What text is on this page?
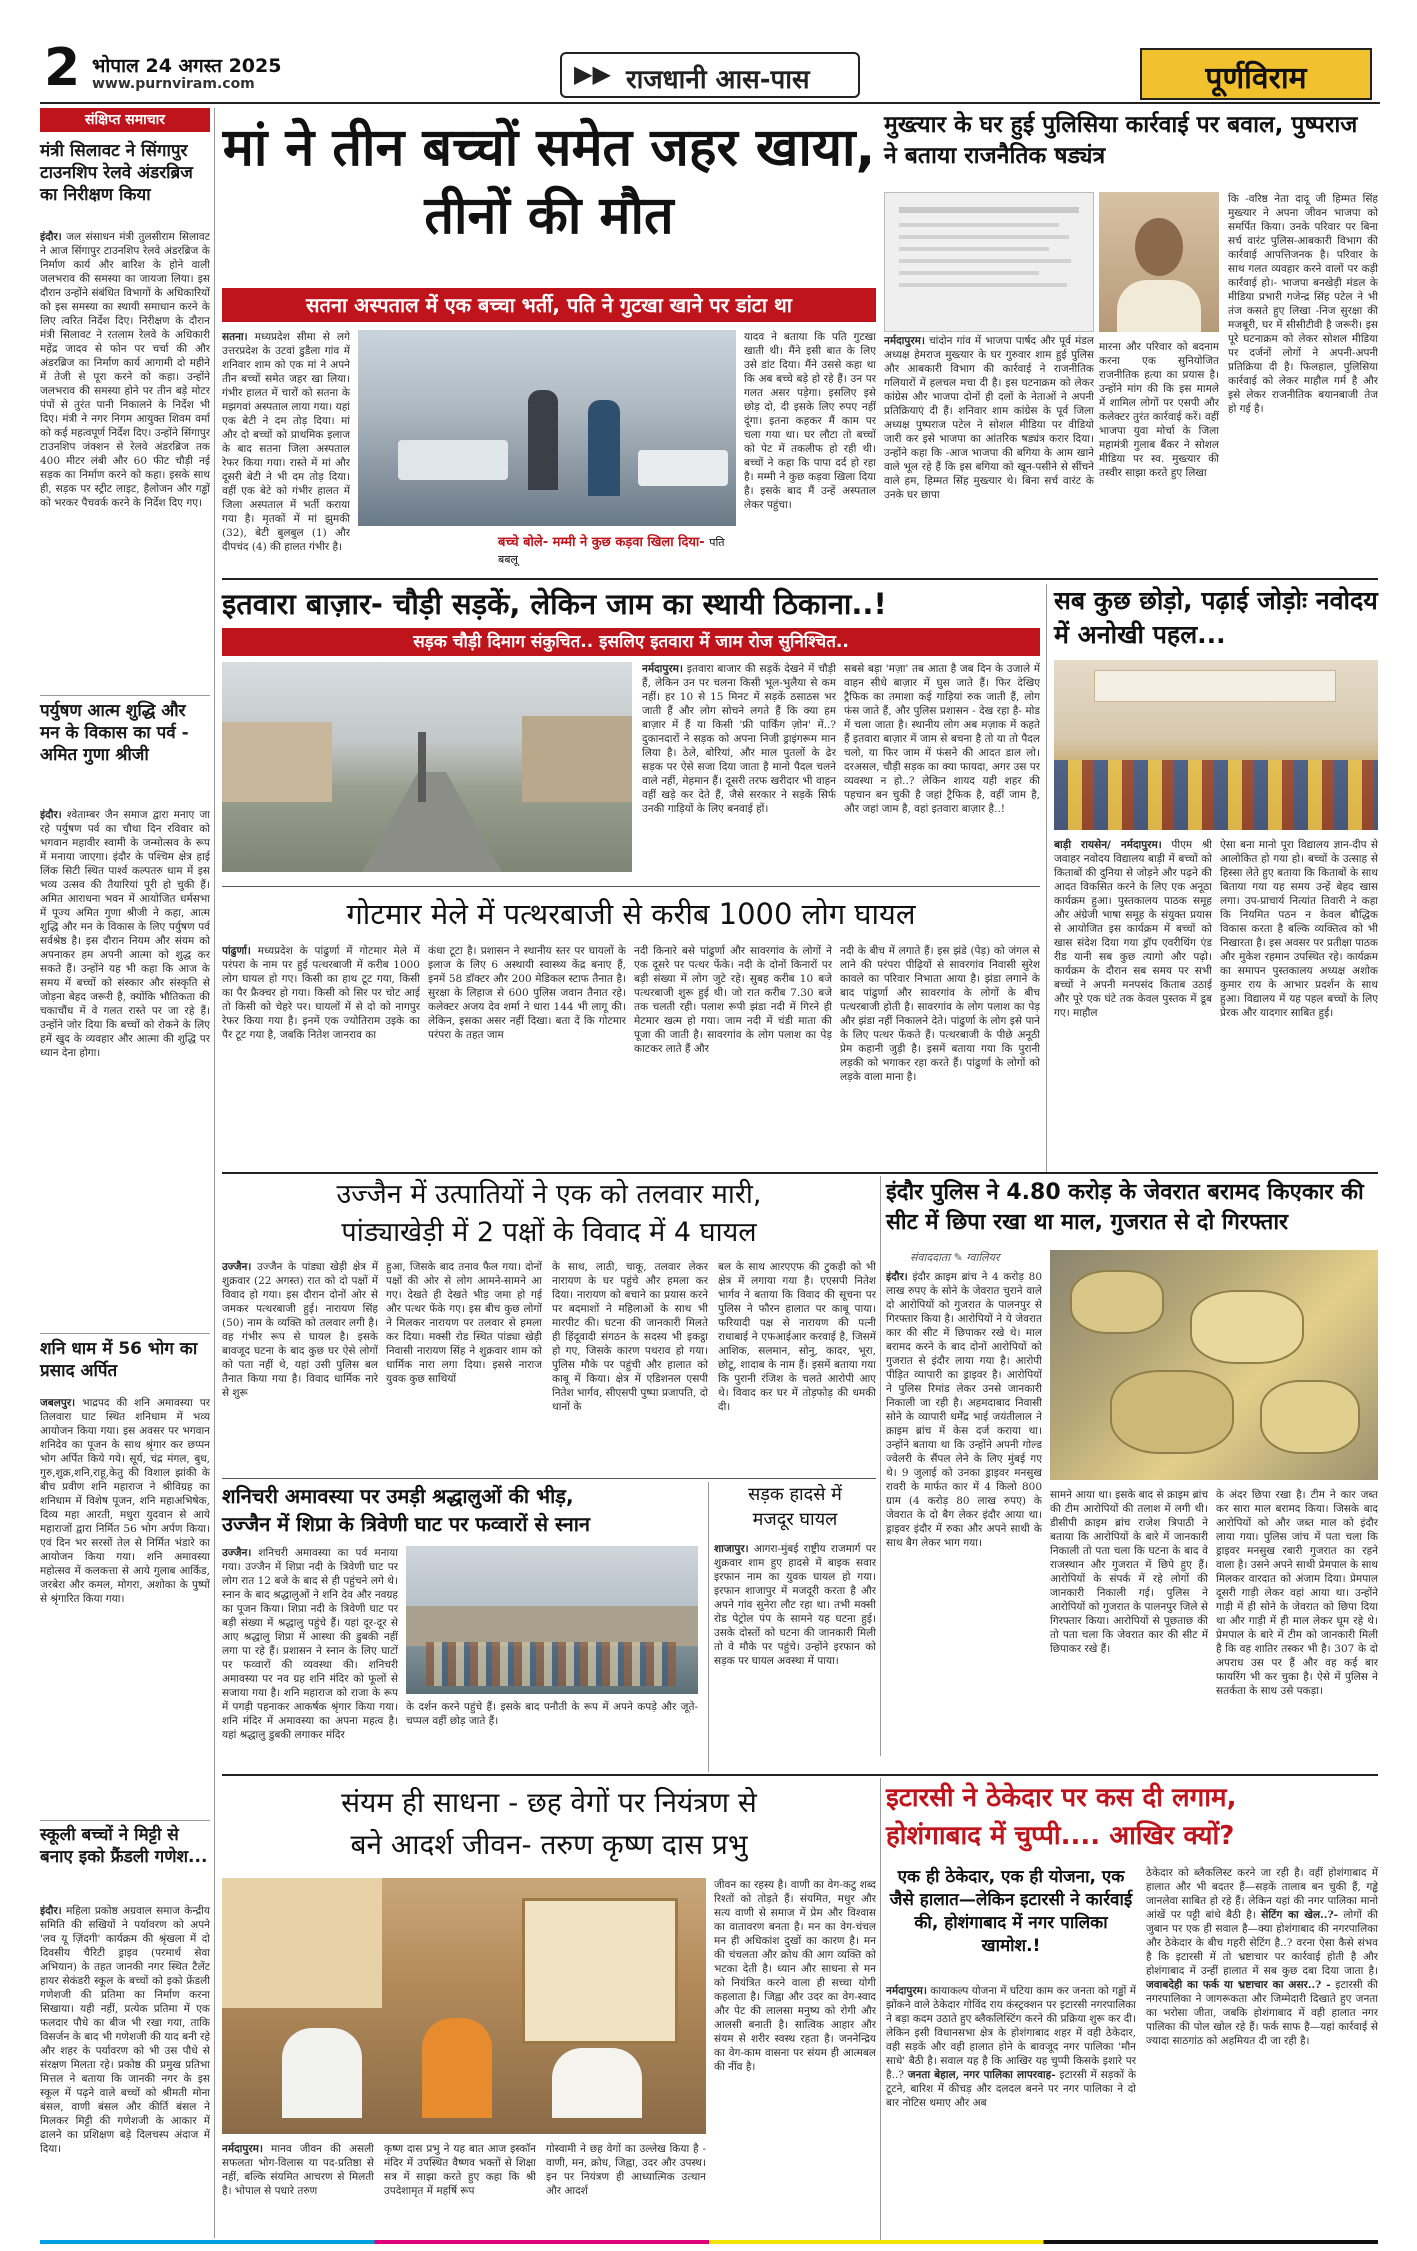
2 भोपाल 24 अगस्त 2025
www.purnviram.com	▶▶ राजधानी आस-पास	पूर्णविराम
संक्षिप्त समाचार
मंत्री सिलावट ने सिंगापुर टाउनशिप रेलवे अंडरब्रिज का निरीक्षण किया
इंदौर। जल संसाधन मंत्री तुलसीराम सिलावट ने आज सिंगापुर टाउनशिप रेलवे अंडरब्रिज के निर्माण कार्य और बारिश के होने वाली जलभराव की समस्या का जायजा लिया। इस दौरान उन्होंने संबंधित विभागों के अधिकारियों को इस समस्या का स्थायी समाधान करने के लिए त्वरित निर्देश दिए। निरीक्षण के दौरान मंत्री सिलावट ने रतलाम रेलवे के अधिकारी महेंद्र जादव से फोन पर चर्चा की और अंडरब्रिज का निर्माण कार्य आगामी दो महीने में तेजी से पूरा करने को कहा। उन्होंने जलभराव की समस्या होने पर तीन बड़े मोटर पंपों से तुरंत पानी निकालने के निर्देश भी दिए। मंत्री ने नगर निगम आयुक्त शिवम वर्मा को कई महत्वपूर्ण निर्देश दिए। उन्होंने सिंगापुर टाउनशिप जंक्शन से रेलवे अंडरब्रिज तक 400 मीटर लंबी और 60 फीट चौड़ी नई सड़क का निर्माण करने को कहा। इसके साथ ही, सड़क पर स्ट्रीट लाइट, हैलोजन और गड्ढों को भरकर पैचवर्क करने के निर्देश दिए गए।
पर्युषण आत्म शुद्धि और मन के विकास का पर्व - अमित गुणा श्रीजी
इंदौर। श्वेताम्बर जैन समाज द्वारा मनाए जा रहे पर्युषण पर्व का चौथा दिन रविवार को भगवान महावीर स्वामी के जन्मोत्सव के रूप में मनाया जाएगा। इंदौर के पश्चिम क्षेत्र हाई लिंक सिटी स्थित पार्श्व कल्पतरु धाम में इस भव्य उत्सव की तैयारियां पूरी हो चुकी हैं। अमित आराधना भवन में आयोजित धर्मसभा में पूज्य अमित गुणा श्रीजी ने कहा, आत्म शुद्धि और मन के विकास के लिए पर्युषण पर्व सर्वश्रेष्ठ है। इस दौरान नियम और संयम को अपनाकर हम अपनी आत्मा को शुद्ध कर सकते हैं। उन्होंने यह भी कहा कि आज के समय में बच्चों को संस्कार और संस्कृति से जोड़ना बेहद जरूरी है, क्योंकि भौतिकता की चकाचौंध में वे गलत रास्ते पर जा रहे हैं। उन्होंने जोर दिया कि बच्चों को रोकने के लिए हमें खुद के व्यवहार और आत्मा की शुद्धि पर ध्यान देना होगा।
शनि धाम में 56 भोग का प्रसाद अर्पित
जबलपुर। भाद्रपद की शनि अमावस्या पर तिलवारा घाट स्थित शनिधाम में भव्य आयोजन किया गया। इस अवसर पर भगवान शनिदेव का पूजन के साथ श्रृंगार कर छप्पन भोग अर्पित किये गये। सूर्य, चंद्र मंगल, बुध, गुरु,शुक्र,शनि,राहू,केतु की विशाल झांकी के बीच प्रवीण शनि महाराज ने श्रीविग्रह का शनिधाम में विशेष पूजन, शनि महाअभिषेक, दिव्य महा आरती, मधुरा युदवान से आये महाराजों द्वारा निर्मित 56 भोग अर्पण किया। एवं दिन भर सरसों तेल से निर्मित भंडारे का आयोजन किया गया। शनि अमावस्या महोत्सव में कलकत्ता से आये गुलाब आर्किड, जरबेरा और कमल, मोगरा, अशोका के पुष्पों से श्रृंगारित किया गया।
स्कूली बच्चों ने मिट्टी से बनाए इको फ्रैंडली गणेश...
इंदौर। महिला प्रकोष्ठ अग्रवाल समाज केन्द्रीय समिति की सखियों ने पर्यावरण को अपने 'लव यू ज़िंदगी' कार्यक्रम की श्रृंखला में दो दिवसीय चैरिटी ड्राइव (परमार्थ सेवा अभियान) के तहत जानकी नगर स्थित टैलेंट हायर सेकंडरी स्कूल के बच्चों को इको फ्रेंडली गणेशजी की प्रतिमा का निर्माण करना सिखाया। यही नहीं, प्रत्येक प्रतिमा में एक फलदार पौधे का बीज भी रखा गया, ताकि विसर्जन के बाद भी गणेशजी की याद बनी रहे और शहर के पर्यावरण को भी उस पौधे से संरक्षण मिलता रहे। प्रकोष्ठ की प्रमुख प्रतिभा मित्तल ने बताया कि जानकी नगर के इस स्कूल में पढ़ने वाले बच्चों को श्रीमती मोना बंसल, वाणी बंसल और कीर्ति बंसल ने मिलकर मिट्टी की गणेशजी के आकार में ढालने का प्रशिक्षण बड़े दिलचस्प अंदाज में दिया।
मां ने तीन बच्चों समेत जहर खाया, तीनों की मौत
सतना अस्पताल में एक बच्चा भर्ती, पति ने गुटखा खाने पर डांटा था
सतना। मध्यप्रदेश सीमा से लगे उत्तरप्रदेश के उटवां डुडैला गांव में शनिवार शाम को एक मां ने अपने तीन बच्चों समेत जहर खा लिया। गंभीर हालत में चारों को सतना के मझगवां अस्पताल लाया गया। यहां एक बेटी ने दम तोड़ दिया। मां और दो बच्चों को प्राथमिक इलाज के बाद सतना जिला अस्पताल रेफर किया गया। रास्ते में मां और दूसरी बेटी ने भी दम तोड़ दिया। वहीं एक बेटे को गंभीर हालत में जिला अस्पताल में भर्ती कराया गया है। मृतकों में मां झुमकी (32), बेटी बुलबुल (1) और दीपचंद (4) की हालत गंभीर है।	बच्चे बोले- मम्मी ने कुछ कड़वा खिला दिया- पति बबलू
यादव ने बताया कि पति गुटखा खाती थी। मैंने इसी बात के लिए उसे डांट दिया। मैंने उससे कहा था कि अब बच्चे बड़े हो रहे हैं। उन पर गलत असर पड़ेगा। इसलिए इसे छोड़ दो, दी इसके लिए रुपए नहीं दूंगा। इतना कहकर मैं काम पर चला गया था। घर लौटा तो बच्चों को पेट में तकलीफ हो रही थी। बच्चों ने कहा कि पापा दर्द हो रहा है। मम्मी ने कुछ कड़वा खिला दिया है। इसके बाद मैं उन्हें अस्पताल लेकर पहुंचा।
मुख्त्यार के घर हुई पुलिसिया कार्रवाई पर बवाल, पुष्पराज ने बताया राजनैतिक षड्यंत्र
कि -वरिष्ठ नेता दादू जी हिम्मत सिंह मुख्त्यार ने अपना जीवन भाजपा को समर्पित किया। उनके परिवार पर बिना सर्च वारंट पुलिस-आबकारी विभाग की कार्रवाई आपत्तिजनक है। परिवार के साथ गलत व्यवहार करने वालों पर कड़ी कार्रवाई हो।- भाजपा बनखेड़ी मंडल के मीडिया प्रभारी गजेन्द्र सिंह पटेल ने भी तंज कसते हुए लिखा -निज सुरक्षा की मजबूरी, घर में सीसीटीवी है जरूरी। इस पूरे घटनाक्रम को लेकर सोशल मीडिया पर दर्जनों लोगों ने अपनी-अपनी प्रतिक्रिया दी है। फिलहाल, पुलिसिया कार्रवाई को लेकर माहौल गर्म है और इसे लेकर राजनीतिक बयानबाजी तेज हो गई है।
मारना और परिवार को बदनाम करना एक सुनियोजित राजनीतिक हत्या का प्रयास है। उन्होंने मांग की कि इस मामले में शामिल लोगों पर एसपी और कलेक्टर तुरंत कार्रवाई करें। वहीं भाजपा युवा मोर्चा के जिला महामंत्री गुलाब बैंकर ने सोशल मीडिया पर स्व. मुख्त्यार की तस्वीर साझा करते हुए लिखा
नर्मदापुरम। चांदोन गांव में भाजपा पार्षद और पूर्व मंडल अध्यक्ष हेमराज मुख्त्यार के घर गुरुवार शाम हुई पुलिस और आबकारी विभाग की कार्रवाई ने राजनीतिक गलियारों में हलचल मचा दी है। इस घटनाक्रम को लेकर कांग्रेस और भाजपा दोनों ही दलों के नेताओं ने अपनी प्रतिक्रियाएं दी हैं। शनिवार शाम कांग्रेस के पूर्व जिला अध्यक्ष पुष्पराज पटेल ने सोशल मीडिया पर वीडियो जारी कर इसे भाजपा का आंतरिक षड्यंत्र करार दिया। उन्होंने कहा कि -आज भाजपा की बगिया के आम खाने वाले भूल रहे हैं कि इस बगिया को खून-पसीने से सींचने वाले हम, हिम्मत सिंह मुख्त्यार थे। बिना सर्च वारंट के उनके घर छापा
इतवारा बाज़ार- चौड़ी सड़कें, लेकिन जाम का स्थायी ठिकाना..!
सड़क चौड़ी दिमाग संकुचित.. इसलिए इतवारा में जाम रोज सुनिश्चित..
नर्मदापुरम। इतवारा बाजार की सड़कें देखने में चौड़ी हैं, लेकिन उन पर चलना किसी भूल-भुलैया से कम नहीं। हर 10 से 15 मिनट में सड़कें ठसाठस भर जाती हैं और लोग सोचने लगते हैं कि क्या हम बाज़ार में हैं या किसी 'फ्री पार्किंग ज़ोन' में..? दुकानदारों ने सड़क को अपना निजी ड्राइंगरूम मान लिया है। ठेले, बोरियां, और माल पुतलों के ढेर सड़क पर ऐसे सजा दिया जाता है मानो पैदल चलने वाले नहीं, मेहमान हैं। दूसरी तरफ खरीदार भी वाहन वहीं खड़े कर देते हैं, जैसे सरकार ने सड़कें सिर्फ उनकी गाड़ियों के लिए बनवाई हों।
सबसे बड़ा 'मज़ा' तब आता है जब दिन के उजाले में वाहन सीधे बाज़ार में घुस जाते हैं। फिर देखिए ट्रैफिक का तमाशा कई गाड़ियां रुक जाती हैं, लोग फंस जाते हैं, और पुलिस प्रशासन - देख रहा है- मोड में चला जाता है। स्थानीय लोग अब मज़ाक में कहते हैं इतवारा बाज़ार में जाम से बचना है तो या तो पैदल चलो, या फिर जाम में फंसने की आदत डाल लो। दरअसल, चौड़ी सड़क का क्या फायदा, अगर उस पर व्यवस्था न हो..? लेकिन शायद यही शहर की पहचान बन चुकी है जहां ट्रैफिक है, वहीं जाम है, और जहां जाम है, वहां इतवारा बाज़ार है..!
सब कुछ छोड़ो, पढ़ाई जोड़ोः नवोदय में अनोखी पहल...
बाड़ी रायसेन/ नर्मदापुरम। पीएम श्री जवाहर नवोदय विद्यालय बाड़ी में बच्चों को किताबों की दुनिया से जोड़ने और पढ़ने की आदत विकसित करने के लिए एक अनूठा कार्यक्रम हुआ। पुस्तकालय पाठक समूह और अंग्रेजी भाषा समूह के संयुक्त प्रयास से आयोजित इस कार्यक्रम में बच्चों को खास संदेश दिया गया ड्रॉप एवरीथिंग एंड रीड यानी सब कुछ त्यागो और पढ़ो। कार्यक्रम के दौरान सब समय पर सभी बच्चों ने अपनी मनपसंद किताब उठाई और पूरे एक घंटे तक केवल पुस्तक में डूब गए। माहौल
ऐसा बना मानो पूरा विद्यालय ज्ञान-दीप से आलोकित हो गया हो। बच्चों के उत्साह से हिस्सा लेते हुए बताया कि किताबों के साथ बिताया गया यह समय उन्हें बेहद खास लगा। उप-प्राचार्य नित्यांत तिवारी ने कहा कि नियमित पठन न केवल बौद्धिक विकास करता है बल्कि व्यक्तित्व को भी निखारता है। इस अवसर पर प्रतीक्षा पाठक और मुकेश रहमान उपस्थित रहे। कार्यक्रम का समापन पुस्तकालय अध्यक्ष अशोक कुमार राय के आभार प्रदर्शन के साथ हुआ। विद्यालय में यह पहल बच्चों के लिए प्रेरक और यादगार साबित हुई।
गोटमार मेले में पत्थरबाजी से करीब 1000 लोग घायल
पांढुर्णा। मध्यप्रदेश के पांढुर्णा में गोटमार मेले में परंपरा के नाम पर हुई पत्थरबाजी में करीब 1000 लोग घायल हो गए। किसी का हाथ टूट गया, किसी का पैर फ्रैक्चर हो गया। किसी को सिर पर चोट आई तो किसी को चेहरे पर। घायलों में से दो को नागपुर रेफर किया गया है। इनमें एक ज्योतिराम उइके का पैर टूट गया है, जबकि नितेश जानराव का
कंधा टूटा है। प्रशासन ने स्थानीय स्तर पर घायलों के इलाज के लिए 6 अस्थायी स्वास्थ्य केंद्र बनाए हैं, इनमें 58 डॉक्टर और 200 मेडिकल स्टाफ तैनात है। सुरक्षा के लिहाज से 600 पुलिस जवान तैनात रहे। कलेक्टर अजय देव शर्मा ने धारा 144 भी लागू की। लेकिन, इसका असर नहीं दिखा। बता दें कि गोटमार परंपरा के तहत जाम
नदी किनारे बसे पांढुर्णा और सावरगांव के लोगों ने एक दूसरे पर पत्थर फेंके। नदी के दोनों किनारों पर बड़ी संख्या में लोग जुटे रहे। सुबह करीब 10 बजे पत्थरबाजी शुरू हुई थी। जो रात करीब 7.30 बजे तक चलती रही। पलाश रूपी झंडा नदी में गिरने ही मेटमार खत्म हो गया। जाम नदी में चंडी माता की पूजा की जाती है। सावरगांव के लोग पलाश का पेड़ काटकर लाते हैं और
नदी के बीच में लगाते हैं। इस झंडे (पेड़) को जंगल से लाने की परंपरा पीढ़ियों से सावरगांव निवासी सुरेश कावले का परिवार निभाता आया है। झंडा लगाने के बाद पांढुर्णा और सावरगांव के लोगों के बीच पत्थरबाजी होती है। सावरगांव के लोग पलाश का पेड़ और झंडा नहीं निकालने देते। पांढुर्णा के लोग इसे पाने के लिए पत्थर फेंकते हैं। पत्थरबाजी के पीछे अनूठी प्रेम कहानी जुड़ी है। इसमें बताया गया कि पुरानी लड़की को भगाकर रहा करते हैं। पांढुर्णा के लोगों को लड़के वाला माना है।
उज्जैन में उत्पातियों ने एक को तलवार मारी,
पांड्याखेड़ी में 2 पक्षों के विवाद में 4 घायल
उज्जैन। उज्जैन के पांड्या खेड़ी क्षेत्र में शुक्रवार (22 अगस्त) रात को दो पक्षों में विवाद हो गया। इस दौरान दोनों ओर से जमकर पत्थरबाजी हुई। नारायण सिंह (50) नाम के व्यक्ति को तलवार लगी है। वह गंभीर रूप से घायल है। इसके बावजूद घटना के बाद कुछ घर ऐसे लोगों को पता नहीं थे, यहां उसी पुलिस बल तैनात किया गया है। विवाद धार्मिक नारे से शुरू
हुआ, जिसके बाद तनाव फैल गया। दोनों पक्षों की ओर से लोग आमने-सामने आ गए। देखते ही देखते भीड़ जमा हो गई और पत्थर फेंके गए। इस बीच कुछ लोगों ने मिलकर नारायण पर तलवार से हमला कर दिया। मक्सी रोड स्थित पांड्या खेड़ी निवासी नारायण सिंह ने शुक्रवार शाम को धार्मिक नारा लगा दिया। इससे नाराज युवक कुछ साथियों
के साथ, लाठी, चाकू, तलवार लेकर नारायण के घर पहुंचे और हमला कर दिया। नारायण को बचाने का प्रयास करने पर बदमाशों ने महिलाओं के साथ भी मारपीट की। घटना की जानकारी मिलते ही हिंदूवादी संगठन के सदस्य भी इकट्ठा हो गए, जिसके कारण पथराव हो गया। पुलिस मौके पर पहुंची और हालात को काबू में किया। क्षेत्र में एडिशनल एसपी नितेश भार्गव, सीएसपी पुष्पा प्रजापति, दो थानों के
बल के साथ आरएएफ की टुकड़ी को भी क्षेत्र में लगाया गया है। एएसपी नितेश भार्गव ने बताया कि विवाद की सूचना पर पुलिस ने फौरन हालात पर काबू पाया। फरियादी पक्ष से नारायण की पत्नी राधाबाई ने एफआईआर करवाई है, जिसमें आशिक, सलमान, सोनु, कादर, भूरा, छोटू, शादाब के नाम हैं। इसमें बताया गया कि पुरानी रंजिश के चलते आरोपी आए थे। विवाद कर घर में तोड़फोड़ की धमकी दी।
इंदौर पुलिस ने 4.80 करोड़ के जेवरात बरामद किएकार की सीट में छिपा रखा था माल, गुजरात से दो गिरफ्तार
संवाददाता ✎ ग्वालियर
इंदौर। इंदौर क्राइम ब्रांच ने 4 करोड़ 80 लाख रुपए के सोने के जेवरात चुराने वाले दो आरोपियों को गुजरात के पालनपुर से गिरफ्तार किया है। आरोपियों ने ये जेवरात कार की सीट में छिपाकर रखे थे। माल बरामद करने के बाद दोनों आरोपियों को गुजरात से इंदौर लाया गया है। आरोपी पीड़ित व्यापारी का ड्राइवर है। आरोपियों ने पुलिस रिमांड लेकर उनसे जानकारी निकाली जा रही है। अहमदाबाद निवासी सोने के व्यापारी धर्मेंद्र भाई जयंतीलाल ने क्राइम ब्रांच में केस दर्ज कराया था। उन्होंने बताया था कि उन्होंने अपनी गोल्ड ज्वेलरी के सैंपल लेने के लिए मुंबई गए थे। 9 जुलाई को उनका ड्राइवर मनसुख रावरी के मार्फत कार में 4 किलो 800 ग्राम (4 करोड़ 80 लाख रुपए) के जेवरात के दो बैग लेकर इंदौर आया था। ड्राइवर इंदौर में रुका और अपने साथी के साथ बैग लेकर भाग गया।
सामने आया था। इसके बाद से क्राइम ब्रांच की टीम आरोपियों की तलाश में लगी थी। डीसीपी क्राइम ब्रांच राजेश त्रिपाठी ने बताया कि आरोपियों के बारे में जानकारी निकाली तो पता चला कि घटना के बाद वे राजस्थान और गुजरात में छिपे हुए हैं। आरोपियों के संपर्क में रहे लोगों की जानकारी निकाली गई। पुलिस ने आरोपियों को गुजरात के पालनपुर जिले से गिरफ्तार किया। आरोपियों से पूछताछ की तो पता चला कि जेवरात कार की सीट में छिपाकर रखे हैं।
के अंदर छिपा रखा है। टीम ने कार जब्त कर सारा माल बरामद किया। जिसके बाद आरोपियों को और जब्त माल को इंदौर लाया गया। पुलिस जांच में पता चला कि ड्राइवर मनसुख रबारी गुजरात का रहने वाला है। उसने अपने साथी प्रेमपाल के साथ मिलकर वारदात को अंजाम दिया। प्रेमपाल दूसरी गाड़ी लेकर वहां आया था। उन्होंने गाड़ी में ही सोने के जेवरात को छिपा दिया था और गाड़ी में ही माल लेकर घूम रहे थे। प्रेमपाल के बारे में टीम को जानकारी मिली है कि वह शातिर तस्कर भी है। 307 के दो अपराध उस पर हैं और वह कई बार फायरिंग भी कर चुका है। ऐसे में पुलिस ने सतर्कता के साथ उसे पकड़ा।
शनिचरी अमावस्या पर उमड़ी श्रद्धालुओं की भीड़,
उज्जैन में शिप्रा के त्रिवेणी घाट पर फव्वारों से स्नान
उज्जैन। शनिचरी अमावस्या का पर्व मनाया गया। उज्जैन में शिप्रा नदी के त्रिवेणी घाट पर लोग रात 12 बजे के बाद से ही पहुंचने लगे थे। स्नान के बाद श्रद्धालुओं ने शनि देव और नवग्रह का पूजन किया। शिप्रा नदी के त्रिवेणी घाट पर बड़ी संख्या में श्रद्धालु पहुंचे हैं। यहां दूर-दूर से आए श्रद्धालु शिप्रा में आस्था की डुबकी नहीं लगा पा रहे हैं। प्रशासन ने स्नान के लिए घाटों पर फव्वारों की व्यवस्था की। शनिचरी अमावस्या पर नव ग्रह शनि मंदिर को फूलों से सजाया गया है। शनि महाराज को राजा के रूप में पगड़ी पहनाकर आकर्षक श्रृंगार किया गया। शनि मंदिर में अमावस्या का अपना महत्व है। यहां श्रद्धालु डुबकी लगाकर मंदिर
के दर्शन करने पहुंचे हैं। इसके बाद पनौती के रूप में अपने कपड़े और जूते-चप्पल वहीं छोड़ जाते हैं।
सड़क हादसे में
मजदूर घायल
शाजापुर। आगरा-मुंबई राष्ट्रीय राजमार्ग पर शुक्रवार शाम हुए हादसे में बाइक सवार इरफान नाम का युवक घायल हो गया। इरफान शाजापुर में मजदूरी करता है और अपने गांव सुनेरा लौट रहा था। तभी मक्सी रोड पेट्रोल पंप के सामने यह घटना हुई। उसके दोस्तों को घटना की जानकारी मिली तो वे मौके पर पहुंचे। उन्होंने इरफान को सड़क पर घायल अवस्था में पाया।
संयम ही साधना - छह वेगों पर नियंत्रण से
बने आदर्श जीवन- तरुण कृष्ण दास प्रभु
जीवन का रहस्य है। वाणी का वेग-कटु शब्द रिश्तों को तोड़ते हैं। संयमित, मधुर और सत्य वाणी से समाज में प्रेम और विश्वास का वातावरण बनता है। मन का वेग-चंचल मन ही अधिकांश दुखों का कारण है। मन की चंचलता और क्रोध की आग व्यक्ति को भटका देती है। ध्यान और साधना से मन को नियंत्रित करने वाला ही सच्चा योगी कहलाता है। जिह्वा और उदर का वेग-स्वाद और पेट की लालसा मनुष्य को रोगी और आलसी बनाती है। सात्विक आहार और संयम से शरीर स्वस्थ रहता है। जननेन्द्रिय का वेग-काम वासना पर संयम ही आत्मबल की नींव है।
नर्मदापुरम। मानव जीवन की असली सफलता भोग-विलास या पद-प्रतिष्ठा से नहीं, बल्कि संयमित आचरण से मिलती है। भोपाल से पधारे तरुण
कृष्ण दास प्रभु ने यह बात आज इस्कॉन मंदिर में उपस्थित वैष्णव भक्तों से शिक्षा सत्र में साझा करते हुए कहा कि श्री उपदेशामृत में महर्षि रूप
गोस्वामी ने छह वेगों का उल्लेख किया है - वाणी, मन, क्रोध, जिह्वा, उदर और उपस्थ। इन पर नियंत्रण ही आध्यात्मिक उत्थान और आदर्श
इटारसी ने ठेकेदार पर कस दी लगाम,
होशंगाबाद में चुप्पी.... आखिर क्यों?
एक ही ठेकेदार, एक ही योजना, एक जैसे हालात—लेकिन इटारसी ने कार्रवाई की, होशंगाबाद में नगर पालिका खामोश.!
नर्मदापुरम। कायाकल्प योजना में घटिया काम कर जनता को गड्ढों में झोंकने वाले ठेकेदार गोविंद राय कंस्ट्रक्शन पर इटारसी नगरपालिका ने बड़ा कदम उठाते हुए ब्लैकलिस्टिंग करने की प्रक्रिया शुरू कर दी। लेकिन इसी विधानसभा क्षेत्र के होशंगाबाद शहर में वही ठेकेदार, वही सड़कें और वही हालात होने के बावजूद नगर पालिका 'मौन साधे' बैठी है। सवाल यह है कि आखिर यह चुप्पी किसके इशारे पर है..? जनता बेहाल, नगर पालिका लापरवाह- इटारसी में सड़कों के टूटने, बारिश में कीचड़ और दलदल बनने पर नगर पालिका ने दो बार नोटिस थमाए और अब
ठेकेदार को ब्लैकलिस्ट करने जा रही है। वहीं होशंगाबाद में हालात और भी बदतर हैं—सड़कें तालाब बन चुकी हैं, गड्ढे जानलेवा साबित हो रहे हैं। लेकिन यहां की नगर पालिका मानो आंखें पर पट्टी बांधे बैठी है। सेटिंग का खेल..?- लोगों की जुबान पर एक ही सवाल है—क्या होशंगाबाद की नगरपालिका और ठेकेदार के बीच गहरी सेटिंग है..? वरना ऐसा कैसे संभव है कि इटारसी में तो भ्रष्टाचार पर कार्रवाई होती है और होशंगाबाद में उन्हीं हालात में सब कुछ दबा दिया जाता है। जवाबदेही का फर्क या भ्रष्टाचार का असर..? - इटारसी की नगरपालिका ने जागरूकता और जिम्मेदारी दिखाते हुए जनता का भरोसा जीता, जबकि होशंगाबाद में वही हालात नगर पालिका की पोल खोल रहे हैं। फर्क साफ है—यहां कार्रवाई से ज्यादा साठगांठ को अहमियत दी जा रही है।
